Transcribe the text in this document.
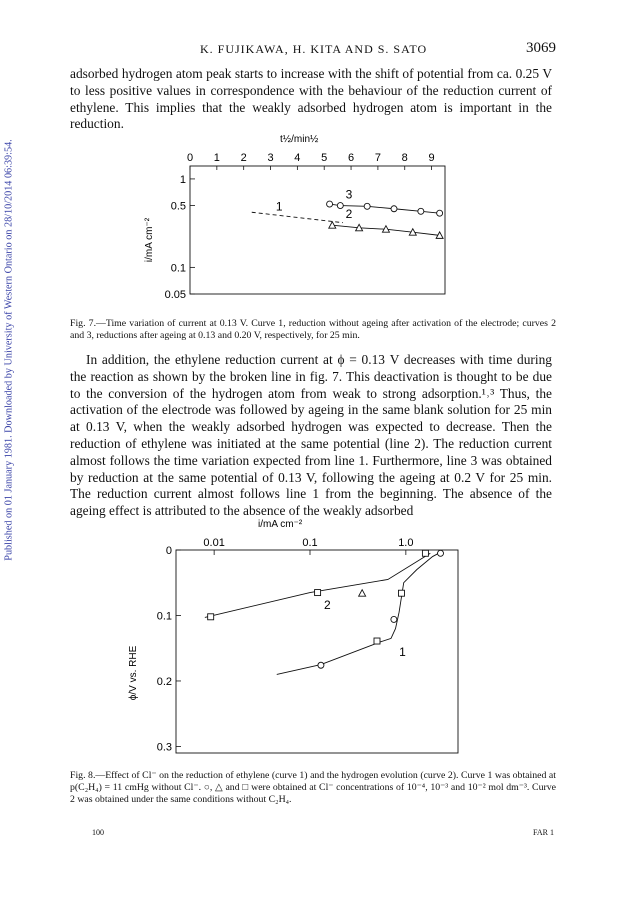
Published on 01 January 1981. Downloaded by University of Western Ontario on 28/10/2014 06:39:54.
K. FUJIKAWA, H. KITA AND S. SATO	3069

adsorbed hydrogen atom peak starts to increase with the shift of potential from ca. 0.25 V to less positive values in correspondence with the behaviour of the reduction current of ethylene. This implies that the weakly adsorbed hydrogen atom is important in the reduction.

t½/min½
i/mA cm⁻²
0 1 2 3 4 5 6 7 8 9
1
0.5
0.1
0.05
1
2
3

Fig. 7.—Time variation of current at 0.13 V. Curve 1, reduction without ageing after activation of the electrode; curves 2 and 3, reductions after ageing at 0.13 and 0.20 V, respectively, for 25 min.

In addition, the ethylene reduction current at ϕ = 0.13 V decreases with time during the reaction as shown by the broken line in fig. 7. This deactivation is thought to be due to the conversion of the hydrogen atom from weak to strong adsorption.¹˒³ Thus, the activation of the electrode was followed by ageing in the same blank solution for 25 min at 0.13 V, when the weakly adsorbed hydrogen was expected to decrease. Then the reduction of ethylene was initiated at the same potential (line 2). The reduction current almost follows the time variation expected from line 1. Furthermore, line 3 was obtained by reduction at the same potential of 0.13 V, following the ageing at 0.2 V for 25 min. The reduction current almost follows line 1 from the beginning. The absence of the ageing effect is attributed to the absence of the weakly adsorbed

i/mA cm⁻²
ϕ/V vs. RHE
0.01	0.1	1.0
0
0.1
0.2
0.3
1
2

Fig. 8.—Effect of Cl⁻ on the reduction of ethylene (curve 1) and the hydrogen evolution (curve 2). Curve 1 was obtained at p(C₂H₄) = 11 cmHg without Cl⁻. ○, △ and □ were obtained at Cl⁻ concentrations of 10⁻⁴, 10⁻³ and 10⁻² mol dm⁻³. Curve 2 was obtained under the same conditions without C₂H₄.

100	FAR 1
